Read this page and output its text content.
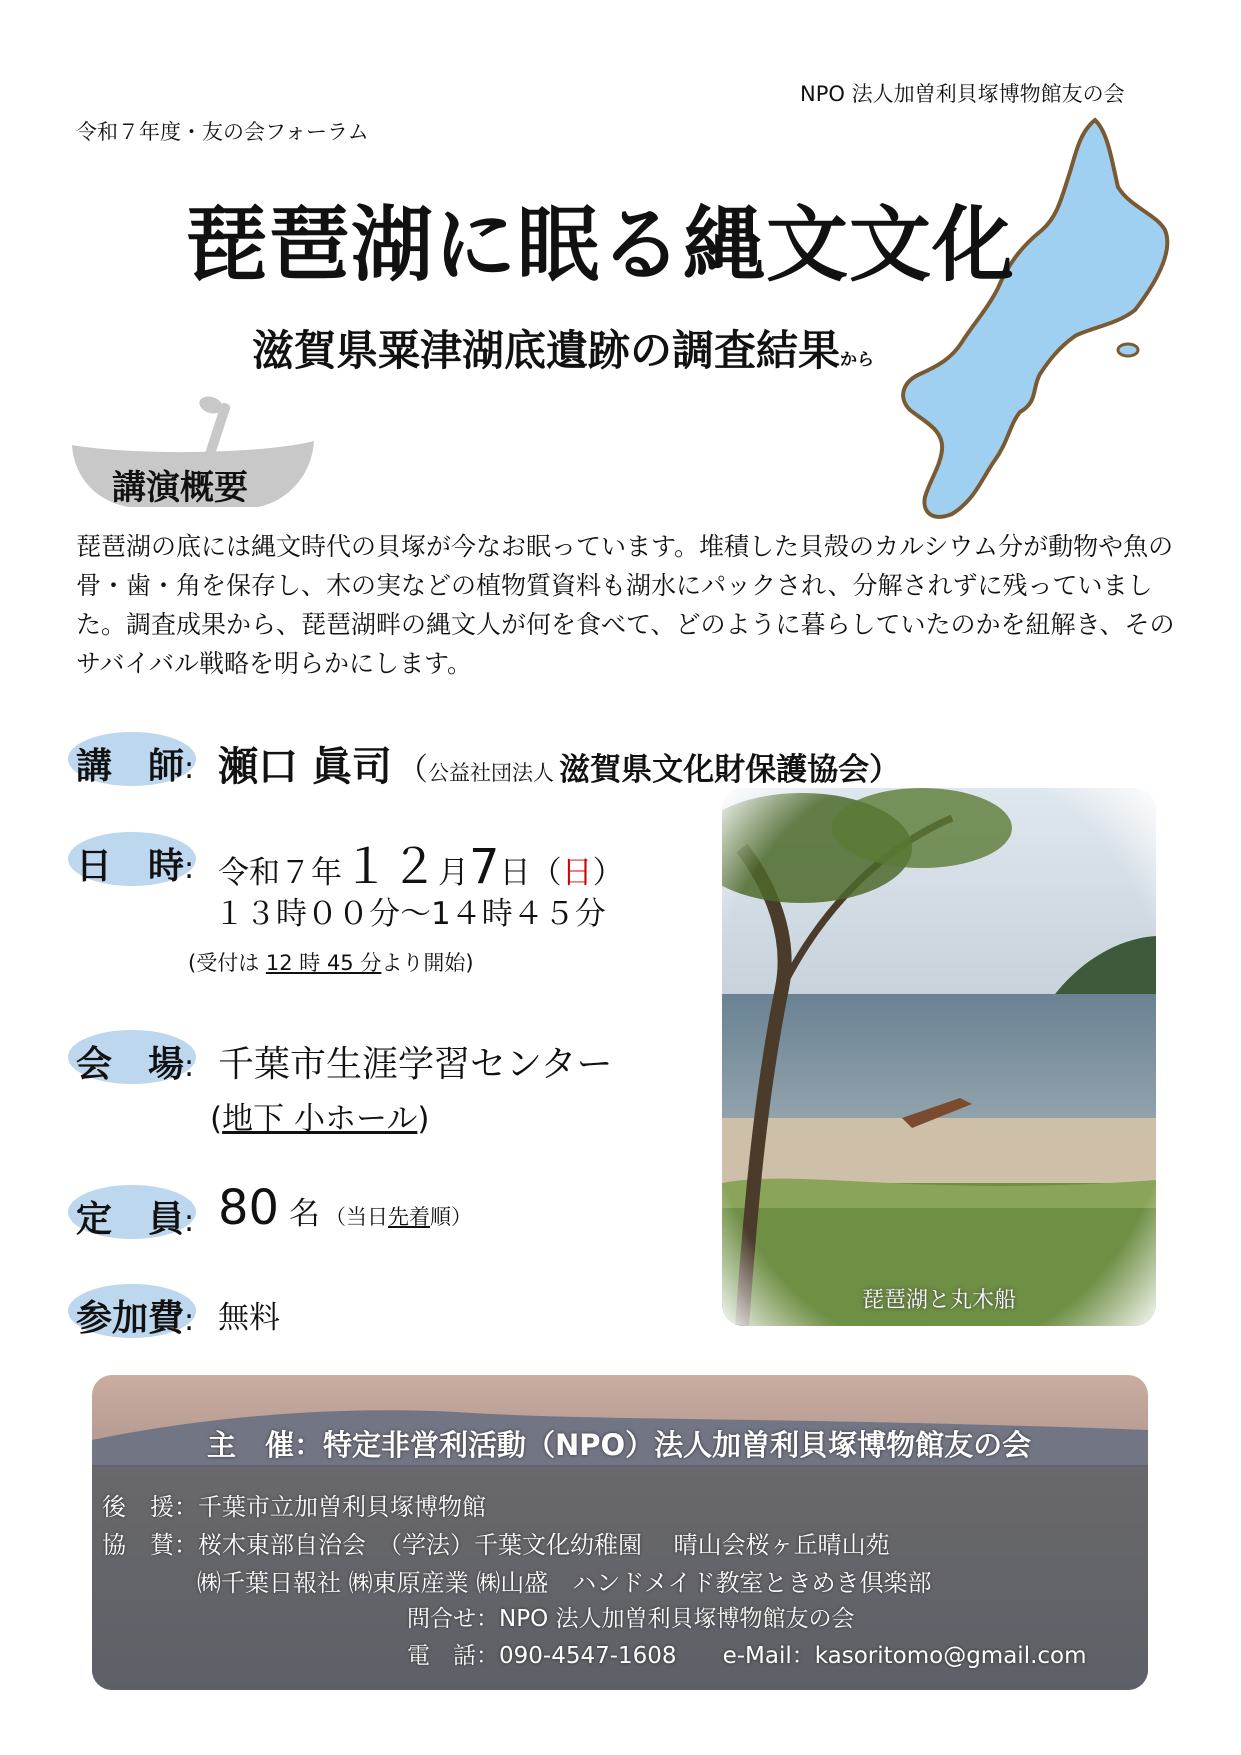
NPO 法人加曽利貝塚博物館友の会
令和７年度・友の会フォーラム
琵琶湖に眠る縄文文化
滋賀県粟津湖底遺跡の調査結果から
講演概要
琵琶湖の底には縄文時代の貝塚が今なお眠っています。堆積した貝殻のカルシウム分が動物や魚の骨・歯・角を保存し、木の実などの植物質資料も湖水にパックされ、分解されずに残っていました。調査成果から、琵琶湖畔の縄文人が何を食べて、どのように暮らしていたのかを紐解き、そのサバイバル戦略を明らかにします。
講　師: 瀬口 眞司 （公益社団法人 滋賀県文化財保護協会）
日　時: 令和７年１２月7日（日）
１３時００分～1４時４５分
(受付は 12 時 45 分より開始)
会　場: 千葉市生涯学習センター
(地下 小ホール)
定　員: 80 名 （当日先着順）
参加費: 無料	琵琶湖と丸木船
主　催：特定非営利活動（NPO）法人加曽利貝塚博物館友の会
後　援：千葉市立加曽利貝塚博物館
協　賛：桜木東部自治会　（学法）千葉文化幼稚園　 晴山会桜ヶ丘晴山苑
㈱千葉日報社 ㈱東原産業 ㈱山盛　ハンドメイド教室ときめき倶楽部
問合せ：NPO 法人加曽利貝塚博物館友の会
電　話：090-4547-1608　　e-Mail：kasoritomo@gmail.com
